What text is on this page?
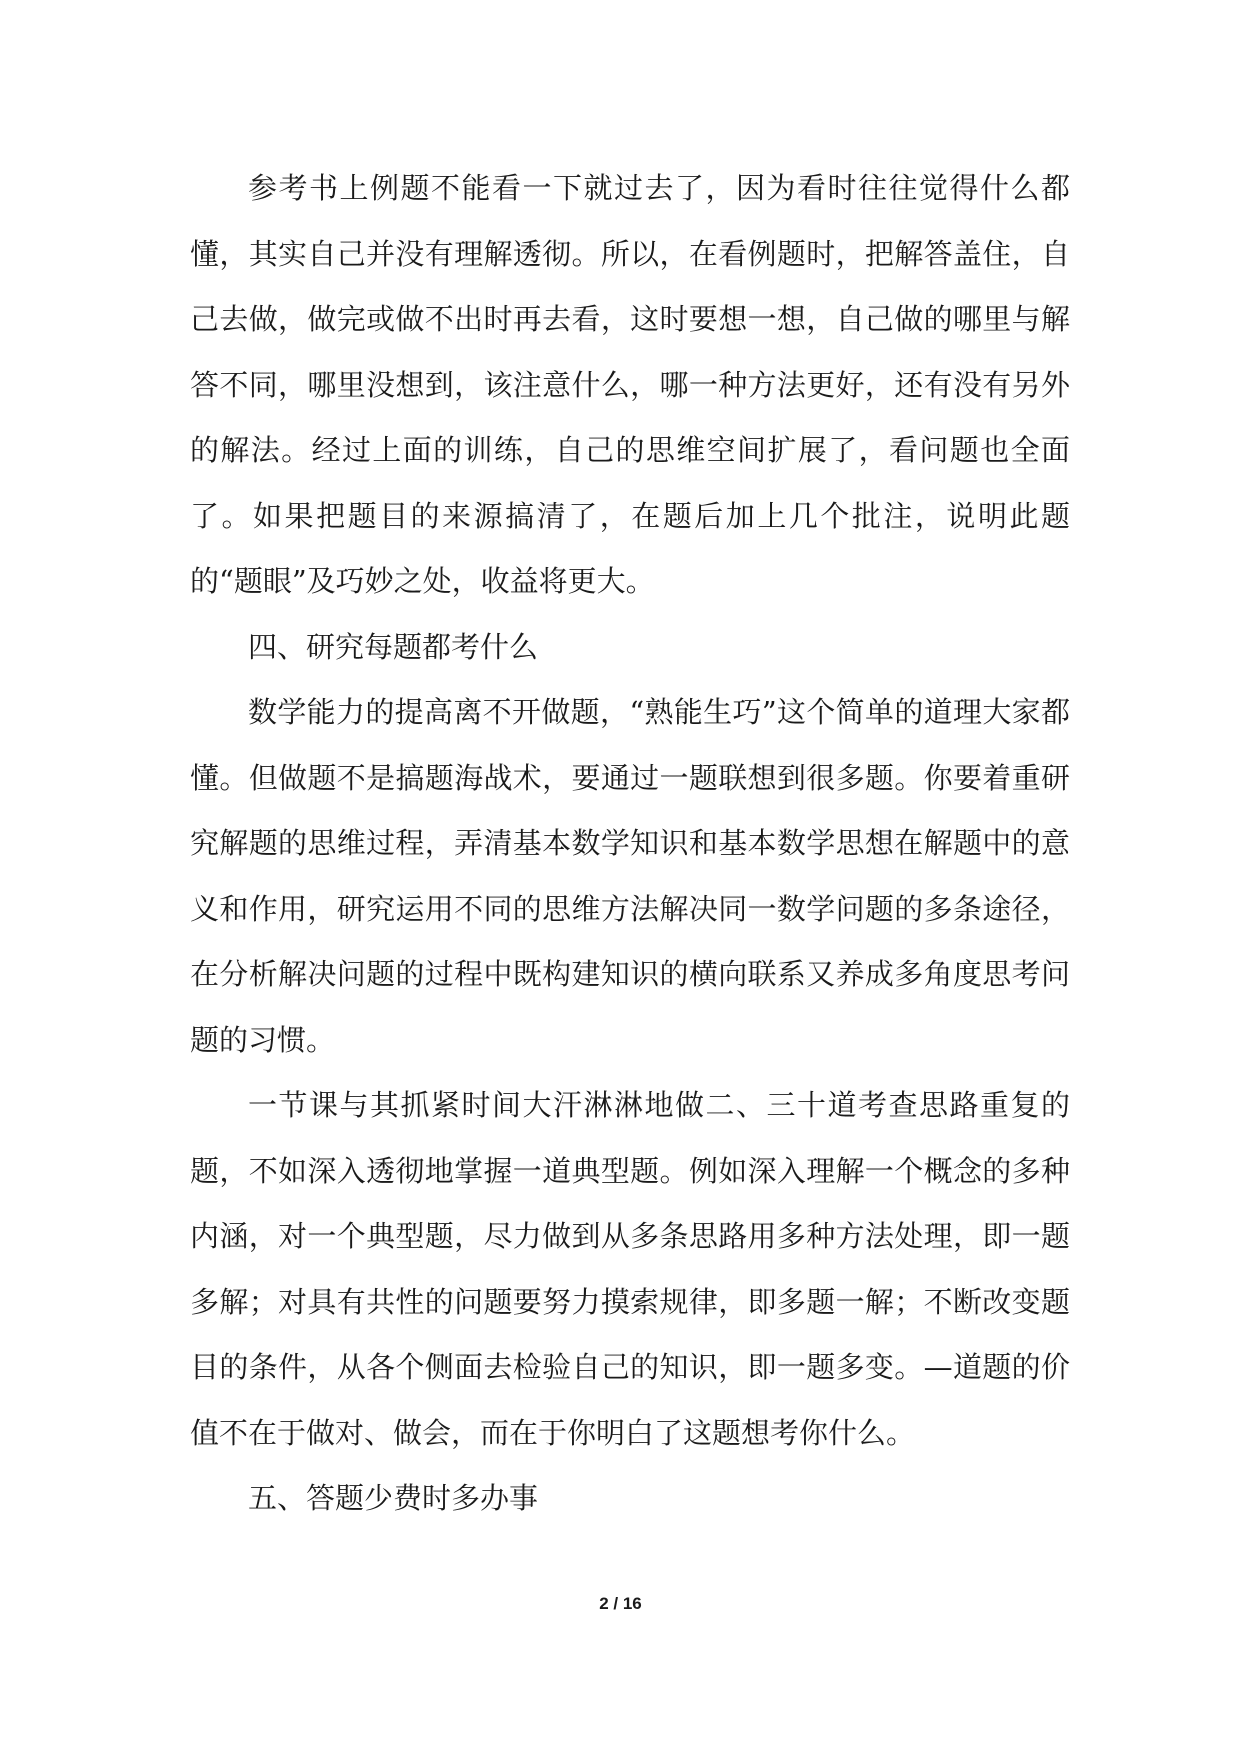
参考书上例题不能看一下就过去了，因为看时往往觉得什么都懂，其实自己并没有理解透彻。所以，在看例题时，把解答盖住，自己去做，做完或做不出时再去看，这时要想一想，自己做的哪里与解答不同，哪里没想到，该注意什么，哪一种方法更好，还有没有另外的解法。经过上面的训练，自己的思维空间扩展了，看问题也全面了。如果把题目的来源搞清了，在题后加上几个批注，说明此题的“题眼”及巧妙之处，收益将更大。

四、研究每题都考什么

数学能力的提高离不开做题，“熟能生巧”这个简单的道理大家都懂。但做题不是搞题海战术，要通过一题联想到很多题。你要着重研究解题的思维过程，弄清基本数学知识和基本数学思想在解题中的意义和作用，研究运用不同的思维方法解决同一数学问题的多条途径，在分析解决问题的过程中既构建知识的横向联系又养成多角度思考问题的习惯。

一节课与其抓紧时间大汗淋淋地做二、三十道考查思路重复的题，不如深入透彻地掌握一道典型题。例如深入理解一个概念的多种内涵，对一个典型题，尽力做到从多条思路用多种方法处理，即一题多解；对具有共性的问题要努力摸索规律，即多题一解；不断改变题目的条件，从各个侧面去检验自己的知识，即一题多变。—道题的价值不在于做对、做会，而在于你明白了这题想考你什么。

五、答题少费时多办事

2 / 16
